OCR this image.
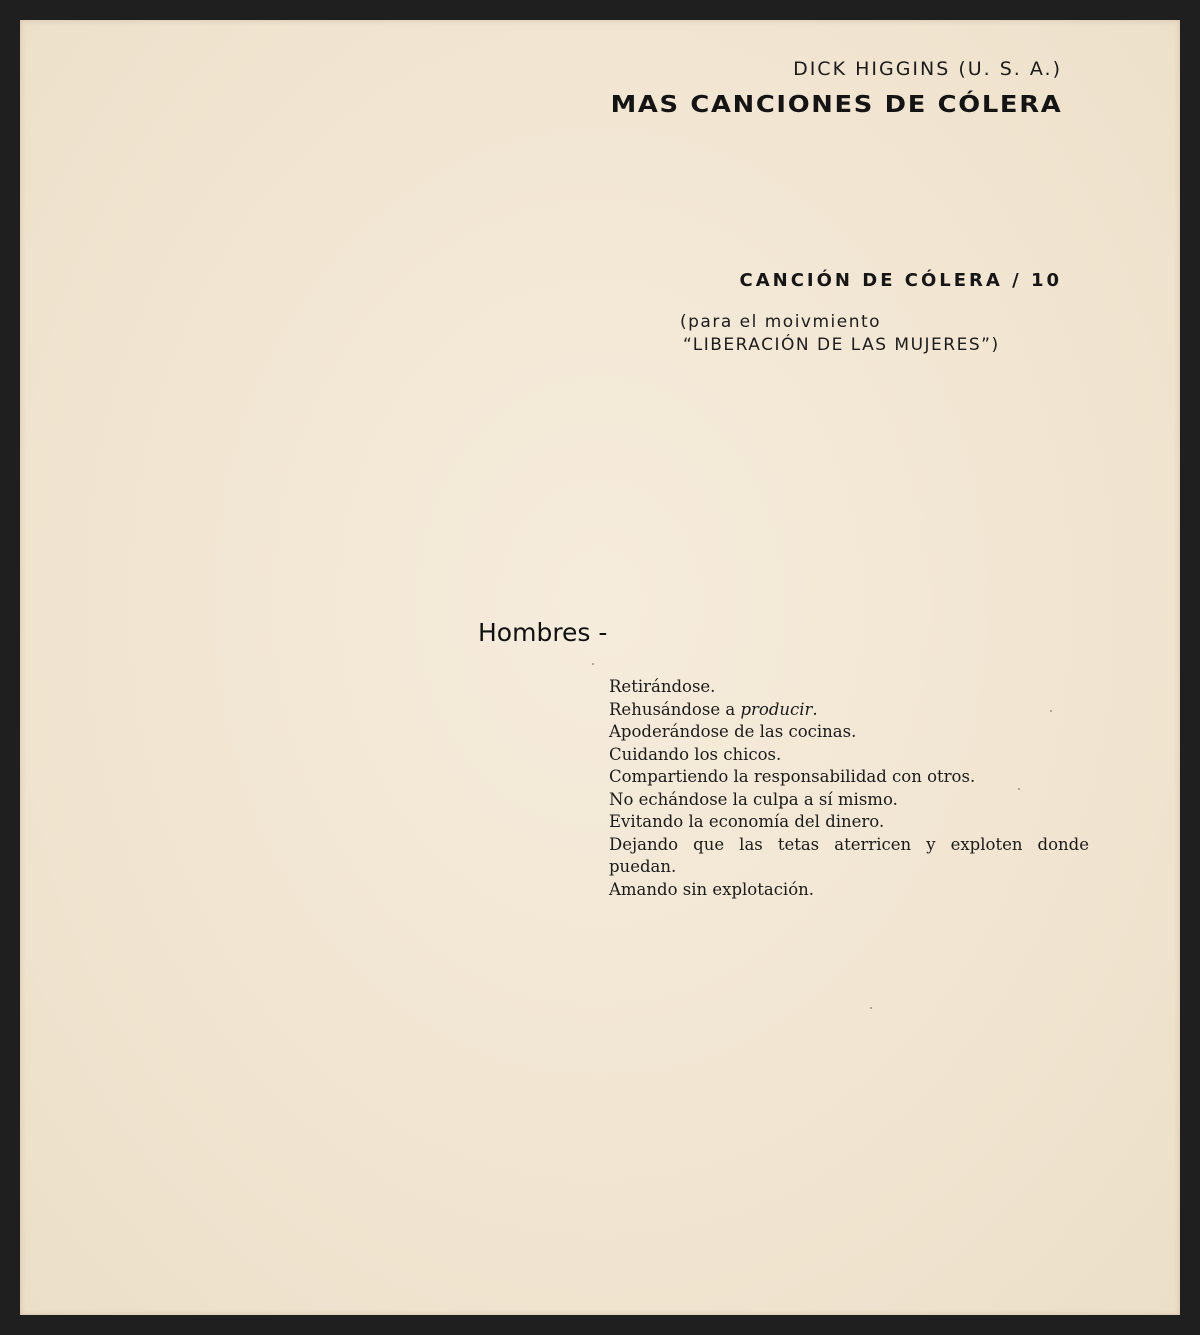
DICK HIGGINS (U. S. A.)
MAS CANCIONES DE CÓLERA
CANCIÓN DE CÓLERA / 10
(para el moivmiento
“LIBERACIÓN DE LAS MUJERES”)
Hombres -
Retirándose.
Rehusándose a producir.
Apoderándose de las cocinas.
Cuidando los chicos.
Compartiendo la responsabilidad con otros.
No echándose la culpa a sí mismo.
Evitando la economía del dinero.
Dejando que las tetas aterricen y exploten donde puedan.
Amando sin explotación.
